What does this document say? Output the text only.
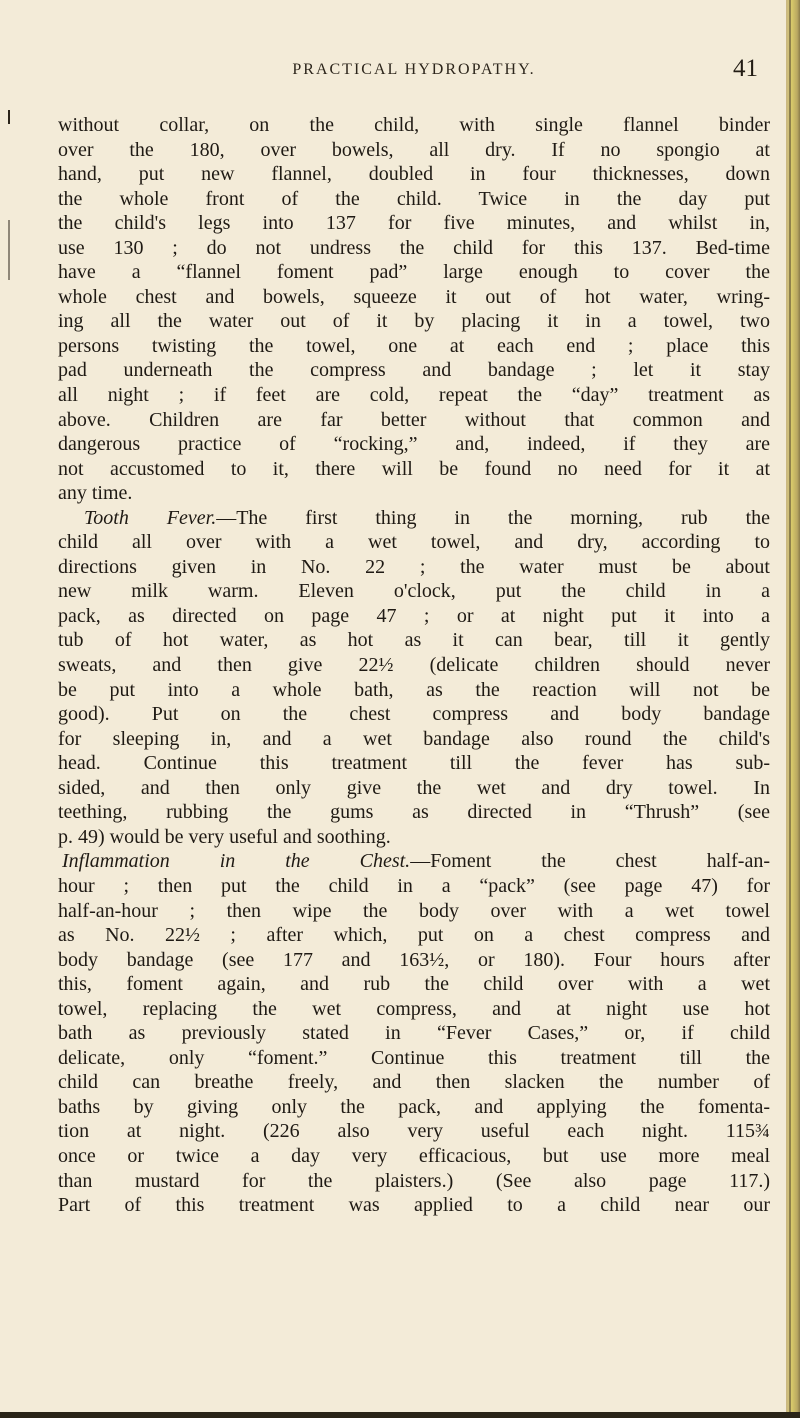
PRACTICAL HYDROPATHY.	41
without collar, on the child, with single flannel binder
over the 180, over bowels, all dry. If no spongio at
hand, put new flannel, doubled in four thicknesses, down
the whole front of the child. Twice in the day put
the child's legs into 137 for five minutes, and whilst in,
use 130 ; do not undress the child for this 137. Bed-time
have a “flannel foment pad” large enough to cover the
whole chest and bowels, squeeze it out of hot water, wring-
ing all the water out of it by placing it in a towel, two
persons twisting the towel, one at each end ; place this
pad underneath the compress and bandage ; let it stay
all night ; if feet are cold, repeat the “day” treatment as
above. Children are far better without that common and
dangerous practice of “rocking,” and, indeed, if they are
not accustomed to it, there will be found no need for it at
any time.
Tooth Fever.—The first thing in the morning, rub the
child all over with a wet towel, and dry, according to
directions given in No. 22 ; the water must be about
new milk warm. Eleven o'clock, put the child in a
pack, as directed on page 47 ; or at night put it into a
tub of hot water, as hot as it can bear, till it gently
sweats, and then give 22½ (delicate children should never
be put into a whole bath, as the reaction will not be
good). Put on the chest compress and body bandage
for sleeping in, and a wet bandage also round the child's
head. Continue this treatment till the fever has sub-
sided, and then only give the wet and dry towel. In
teething, rubbing the gums as directed in “Thrush” (see
p. 49) would be very useful and soothing.
Inflammation in the Chest.—Foment the chest half-an-
hour ; then put the child in a “pack” (see page 47) for
half-an-hour ; then wipe the body over with a wet towel
as No. 22½ ; after which, put on a chest compress and
body bandage (see 177 and 163½, or 180). Four hours after
this, foment again, and rub the child over with a wet
towel, replacing the wet compress, and at night use hot
bath as previously stated in “Fever Cases,” or, if child
delicate, only “foment.” Continue this treatment till the
child can breathe freely, and then slacken the number of
baths by giving only the pack, and applying the fomenta-
tion at night. (226 also very useful each night. 115¾
once or twice a day very efficacious, but use more meal
than mustard for the plaisters.) (See also page 117.)
Part of this treatment was applied to a child near our
